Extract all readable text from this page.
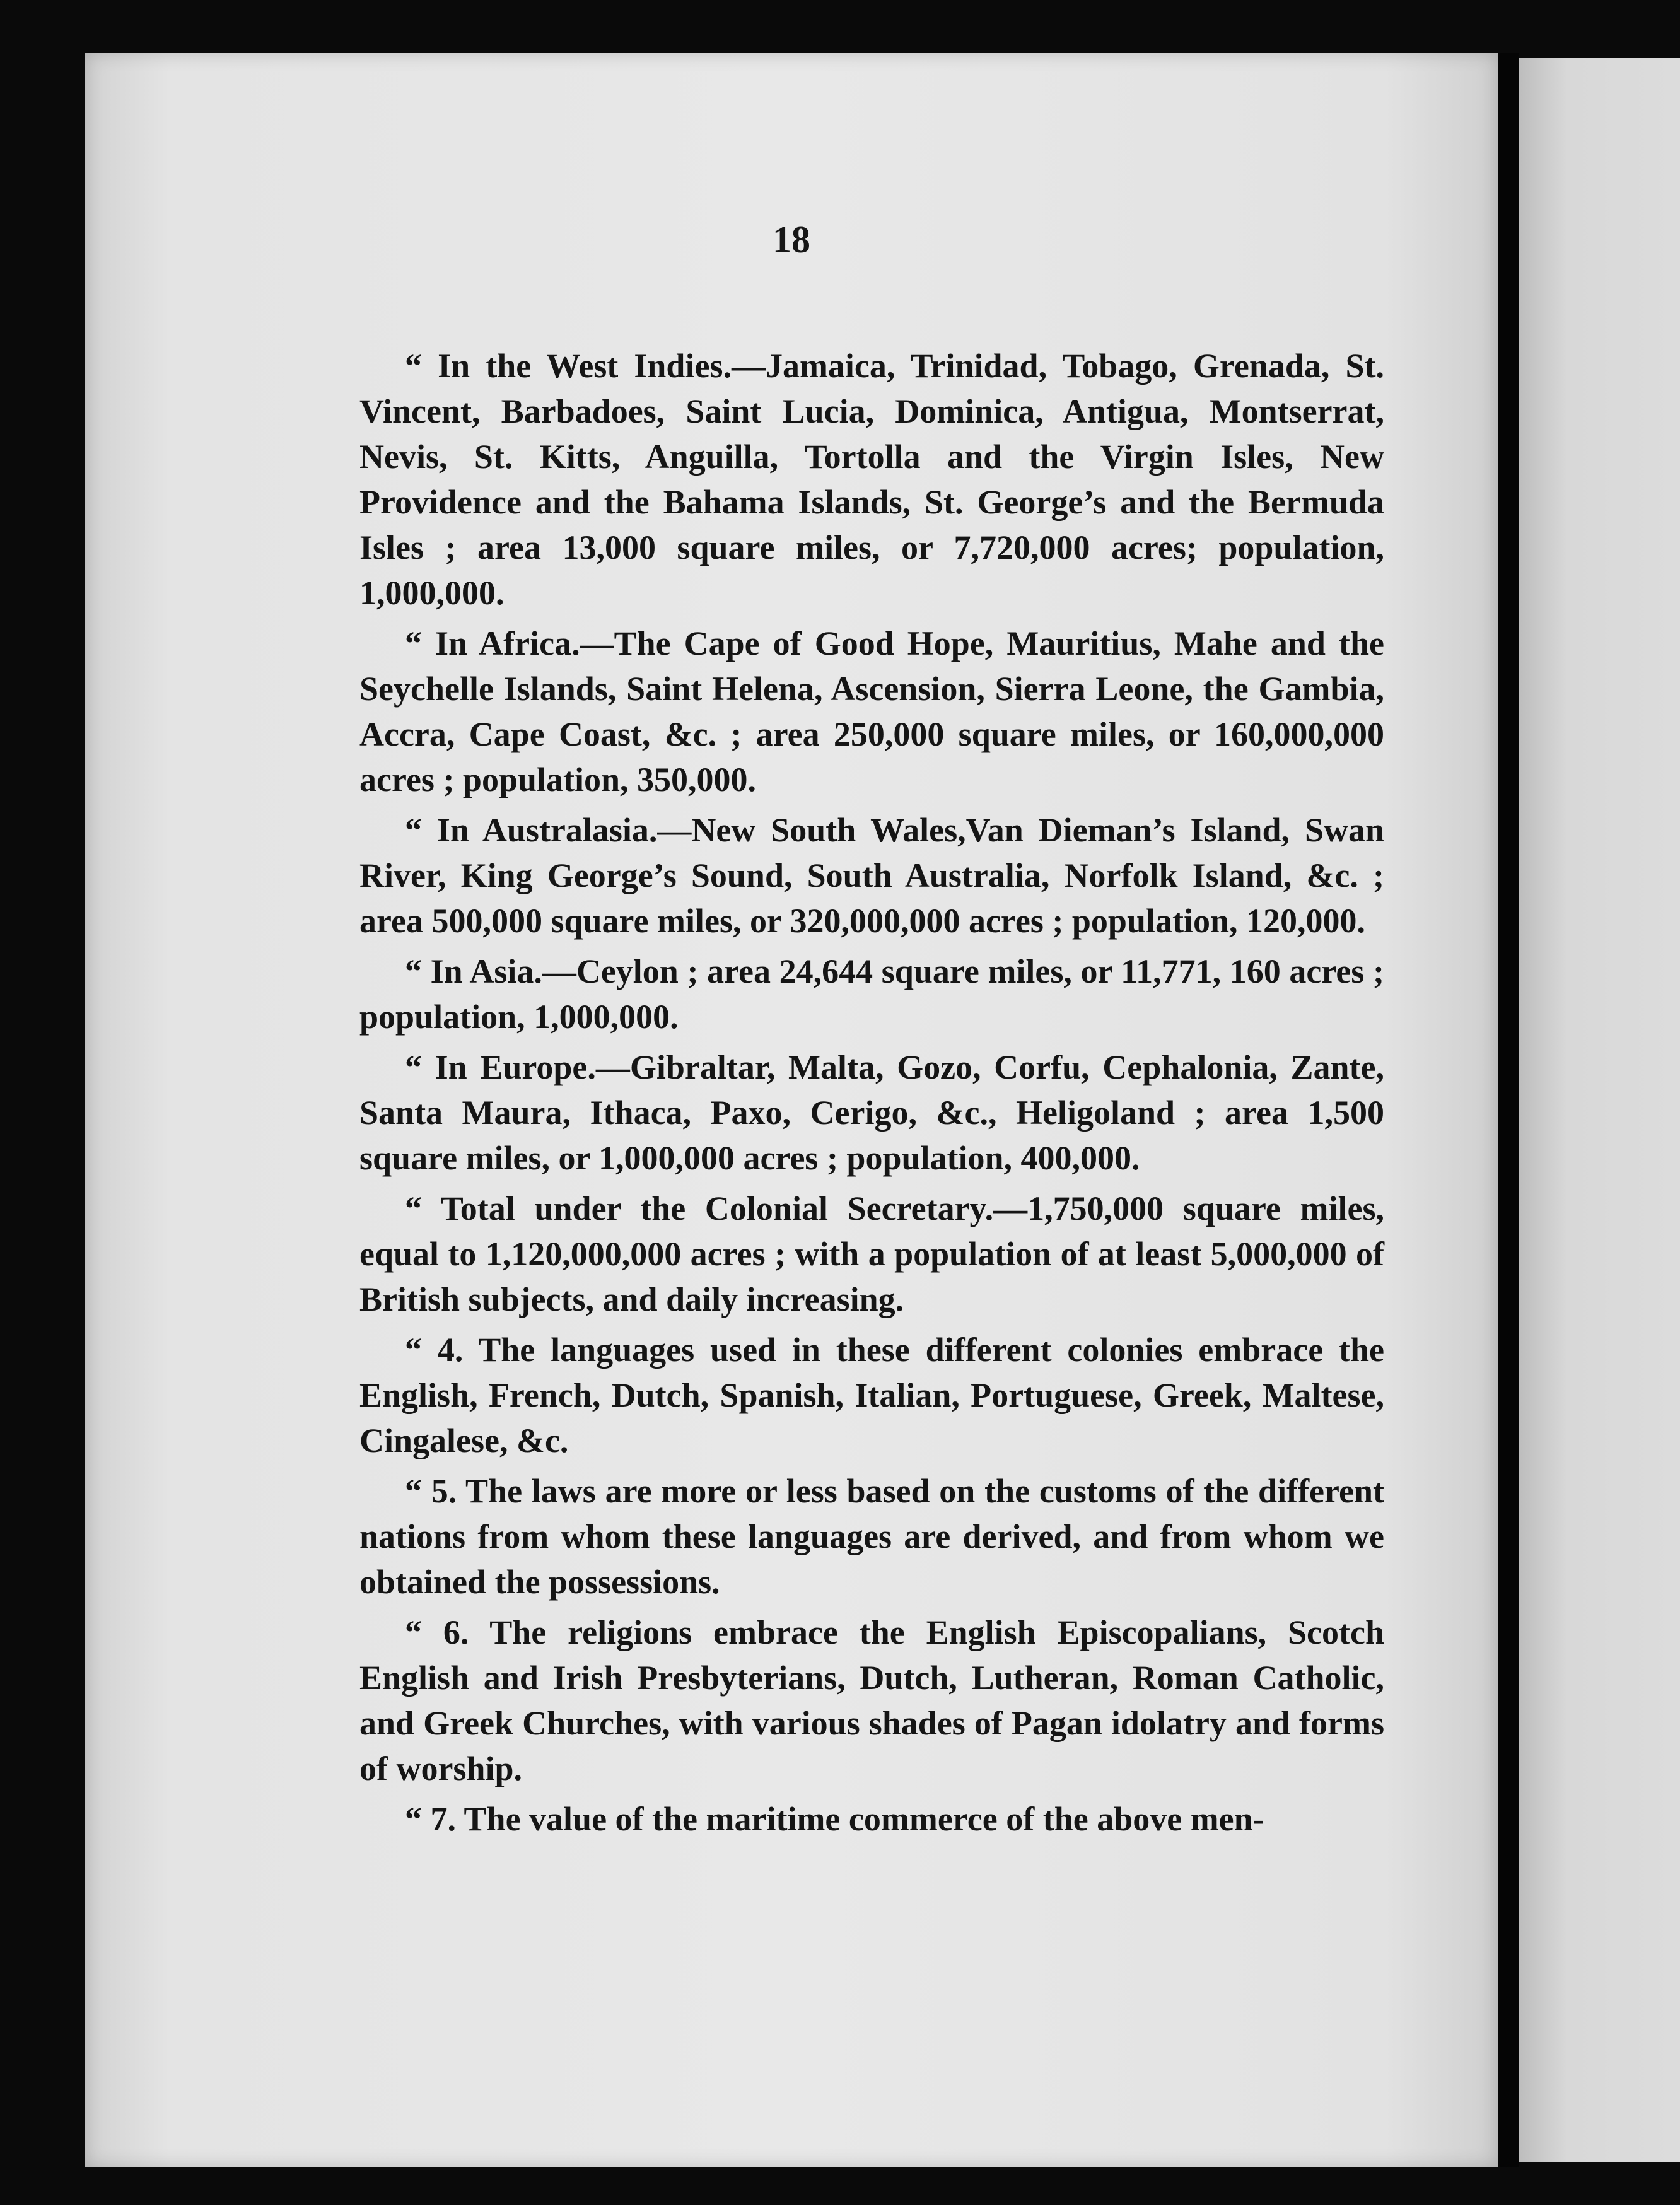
18

“ In the West Indies.—Jamaica, Trinidad, Tobago, Grenada, St. Vincent, Barbadoes, Saint Lucia, Dominica, Antigua, Montserrat, Nevis, St. Kitts, Anguilla, Tortolla and the Virgin Isles, New Providence and the Bahama Islands, St. George’s and the Bermuda Isles ; area 13,000 square miles, or 7,720,000 acres; population, 1,000,000.

“ In Africa.—The Cape of Good Hope, Mauritius, Mahe and the Seychelle Islands, Saint Helena, Ascension, Sierra Leone, the Gambia, Accra, Cape Coast, &c. ; area 250,000 square miles, or 160,000,000 acres ; population, 350,000.

“ In Australasia.—New South Wales,Van Dieman’s Island, Swan River, King George’s Sound, South Australia, Norfolk Island, &c. ; area 500,000 square miles, or 320,000,000 acres ; population, 120,000.

“ In Asia.—Ceylon ; area 24,644 square miles, or 11,771, 160 acres ; population, 1,000,000.

“ In Europe.—Gibraltar, Malta, Gozo, Corfu, Cephalonia, Zante, Santa Maura, Ithaca, Paxo, Cerigo, &c., Heligoland ; area 1,500 square miles, or 1,000,000 acres ; population, 400,000.

“ Total under the Colonial Secretary.—1,750,000 square miles, equal to 1,120,000,000 acres ; with a population of at least 5,000,000 of British subjects, and daily increasing.

“ 4. The languages used in these different colonies embrace the English, French, Dutch, Spanish, Italian, Portuguese, Greek, Maltese, Cingalese, &c.

“ 5. The laws are more or less based on the customs of the different nations from whom these languages are derived, and from whom we obtained the possessions.

“ 6. The religions embrace the English Episcopalians, Scotch English and Irish Presbyterians, Dutch, Lutheran, Roman Catholic, and Greek Churches, with various shades of Pagan idolatry and forms of worship.

“ 7. The value of the maritime commerce of the above men-
